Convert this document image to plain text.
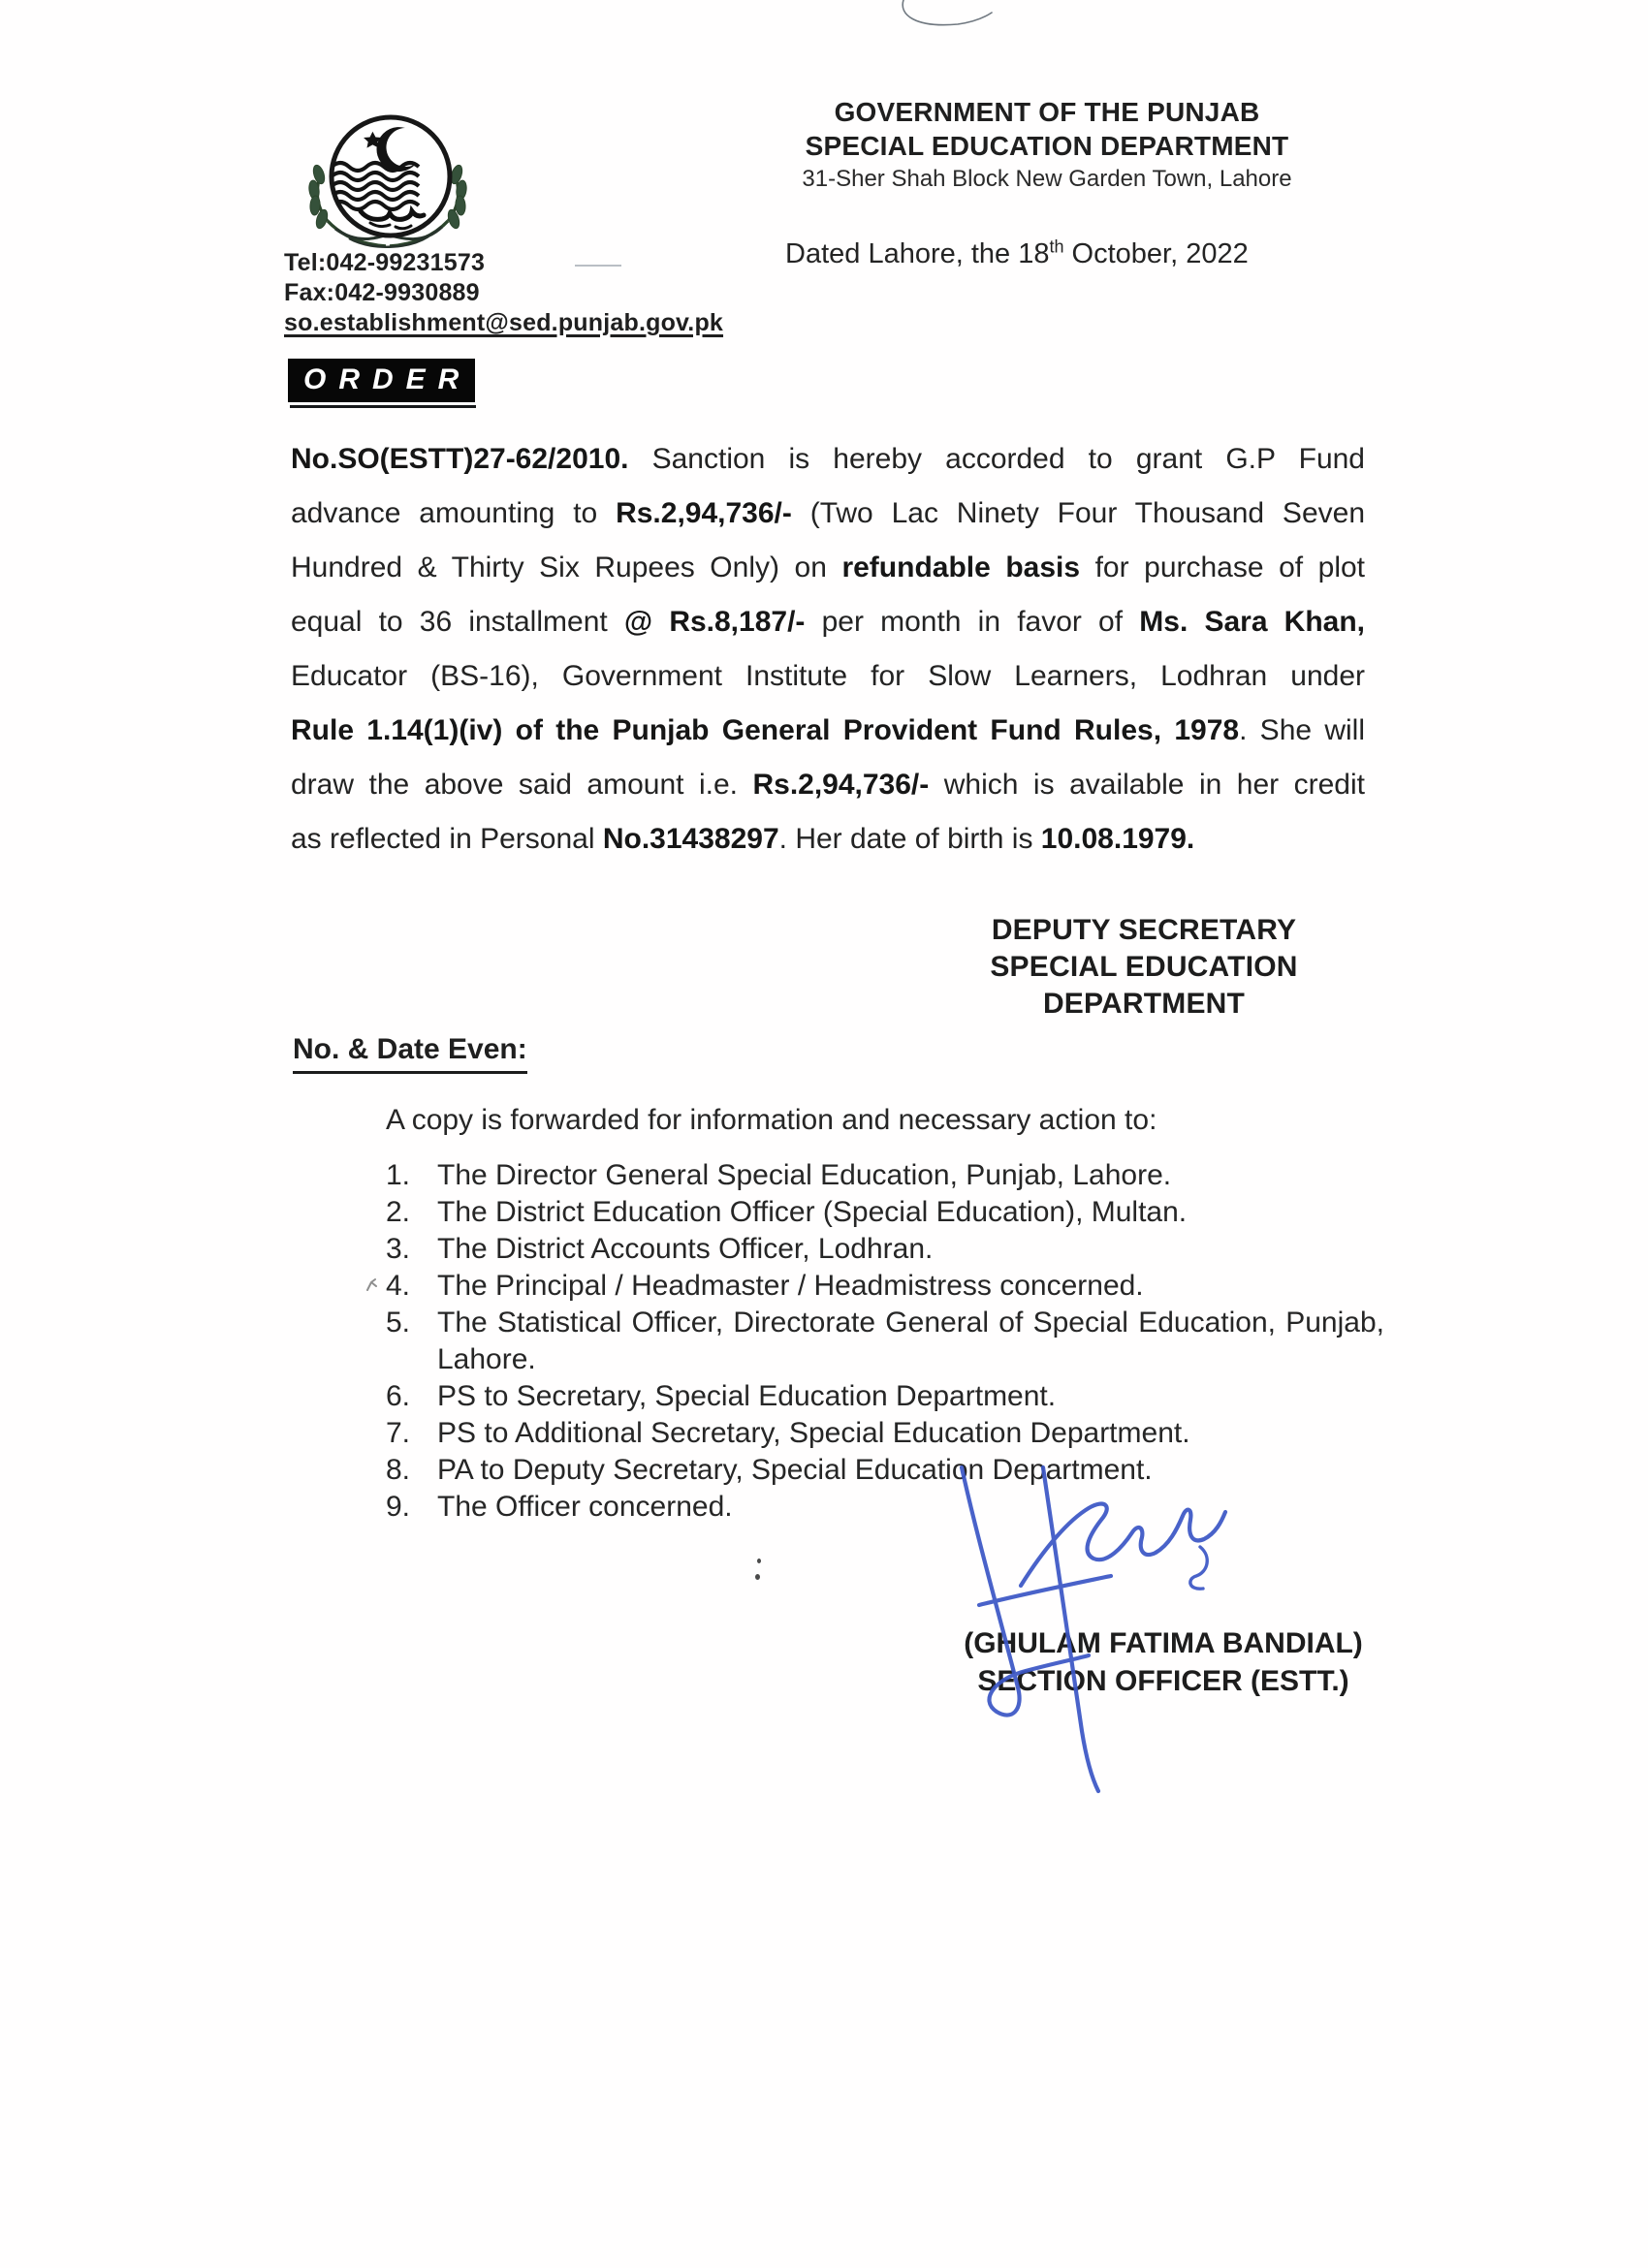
Tel:042-99231573
Fax:042-9930889
so.establishment@sed.punjab.gov.pk
GOVERNMENT OF THE PUNJAB
SPECIAL EDUCATION DEPARTMENT
31-Sher Shah Block New Garden Town, Lahore
Dated Lahore, the 18th October, 2022
ORDER
No.SO(ESTT)27-62/2010. Sanction is hereby accorded to grant G.P Fund
advance amounting to Rs.2,94,736/- (Two Lac Ninety Four Thousand Seven
Hundred & Thirty Six Rupees Only) on refundable basis for purchase of plot
equal to 36 installment @ Rs.8,187/- per month in favor of Ms. Sara Khan,
Educator (BS-16), Government Institute for Slow Learners, Lodhran under
Rule 1.14(1)(iv) of the Punjab General Provident Fund Rules, 1978. She will
draw the above said amount i.e. Rs.2,94,736/- which is available in her credit
as reflected in Personal No.31438297. Her date of birth is 10.08.1979.
DEPUTY SECRETARY
SPECIAL EDUCATION
DEPARTMENT
No. & Date Even:
A copy is forwarded for information and necessary action to:
1. The Director General Special Education, Punjab, Lahore.
2. The District Education Officer (Special Education), Multan.
3. The District Accounts Officer, Lodhran.
4. The Principal / Headmaster / Headmistress concerned.
5. The Statistical Officer, Directorate General of Special Education, Punjab, Lahore.
6. PS to Secretary, Special Education Department.
7. PS to Additional Secretary, Special Education Department.
8. PA to Deputy Secretary, Special Education Department.
9. The Officer concerned.
(GHULAM FATIMA BANDIAL)
SECTION OFFICER (ESTT.)
